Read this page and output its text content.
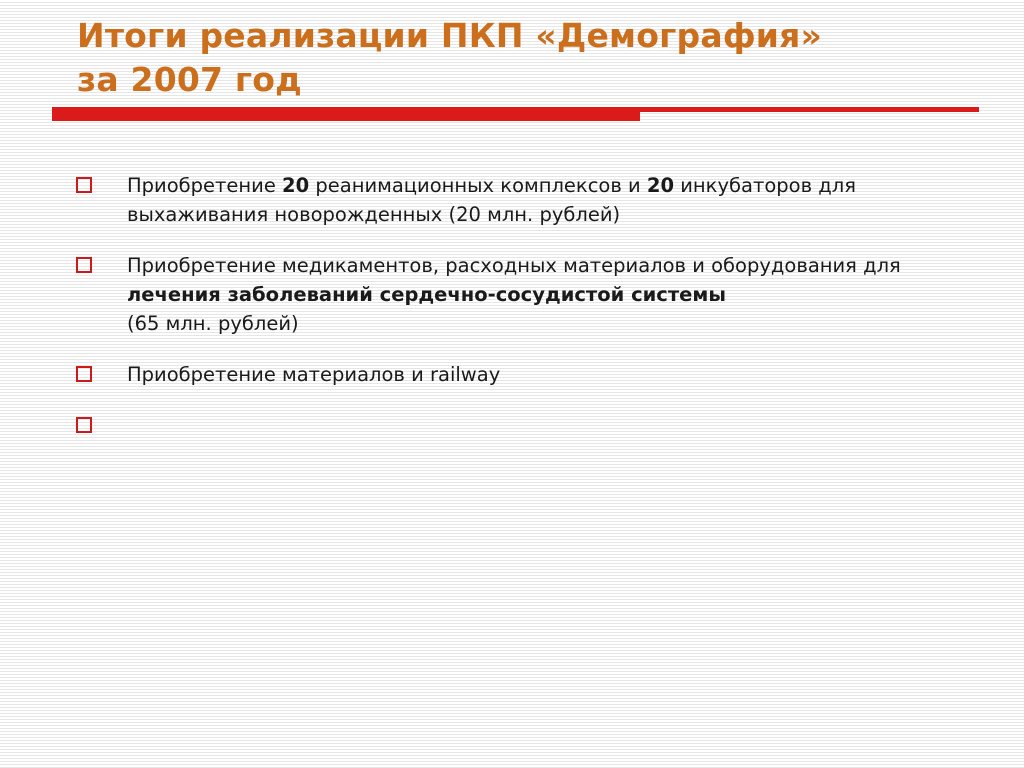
Итоги реализации ПКП «Демография»
за 2007 год
Приобретение 20 реанимационных комплексов и 20 инкубаторов для выхаживания новорожденных (20 млн. рублей)
Приобретение медикаментов, расходных материалов и оборудования для лечения заболеваний сердечно-сосудистой системы
(65 млн. рублей)
Приобретение материалов и railway
